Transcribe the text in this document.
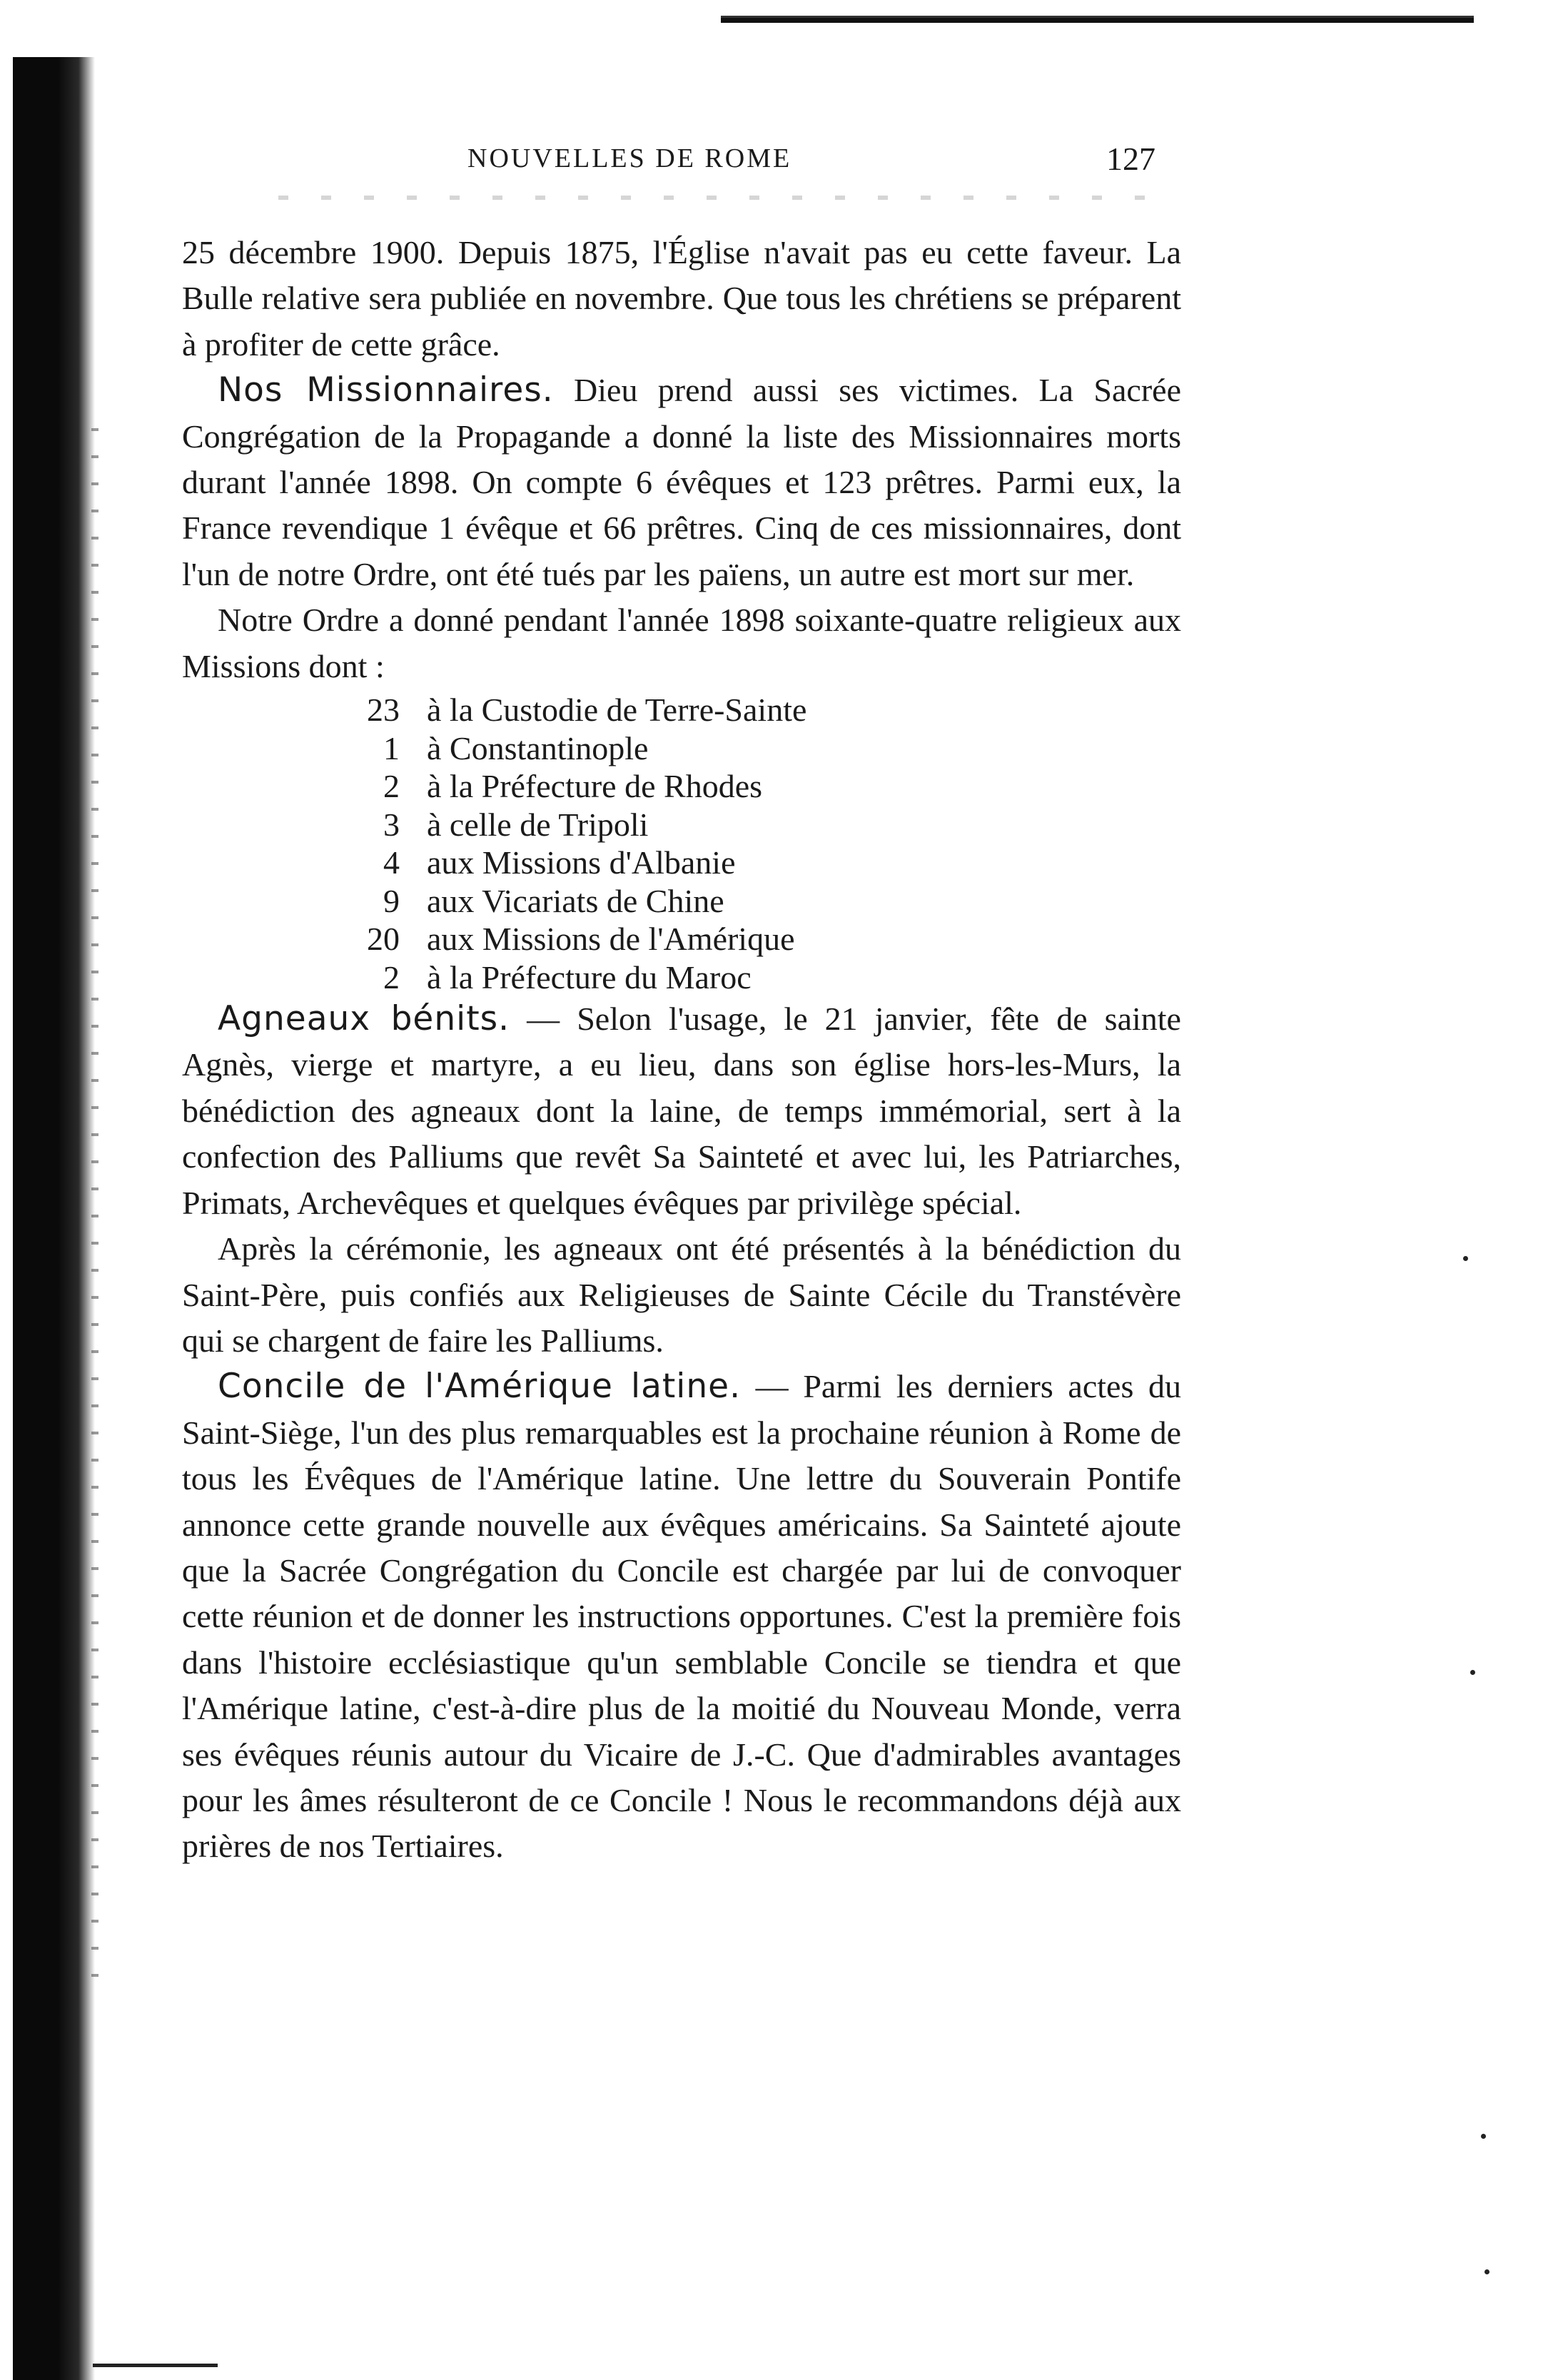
NOUVELLES DE ROME	127

25 décembre 1900. Depuis 1875, l'Église n'avait pas eu cette faveur. La Bulle relative sera publiée en novembre. Que tous les chrétiens se préparent à profiter de cette grâce.

Nos Missionnaires. Dieu prend aussi ses victimes. La Sacrée Congrégation de la Propagande a donné la liste des Missionnaires morts durant l'année 1898. On compte 6 évêques et 123 prêtres. Parmi eux, la France revendique 1 évêque et 66 prêtres. Cinq de ces missionnaires, dont l'un de notre Ordre, ont été tués par les païens, un autre est mort sur mer.

Notre Ordre a donné pendant l'année 1898 soixante-quatre religieux aux Missions dont :

23	à la Custodie de Terre-Sainte
1	à Constantinople
2	à la Préfecture de Rhodes
3	à celle de Tripoli
4	aux Missions d'Albanie
9	aux Vicariats de Chine
20	aux Missions de l'Amérique
2	à la Préfecture du Maroc

Agneaux bénits. — Selon l'usage, le 21 janvier, fête de sainte Agnès, vierge et martyre, a eu lieu, dans son église hors-les-Murs, la bénédiction des agneaux dont la laine, de temps immémorial, sert à la confection des Palliums que revêt Sa Sainteté et avec lui, les Patriarches, Primats, Archevêques et quelques évêques par privilège spécial.

Après la cérémonie, les agneaux ont été présentés à la bénédiction du Saint-Père, puis confiés aux Religieuses de Sainte Cécile du Transtévère qui se chargent de faire les Palliums.

Concile de l'Amérique latine. — Parmi les derniers actes du Saint-Siège, l'un des plus remarquables est la prochaine réunion à Rome de tous les Évêques de l'Amérique latine. Une lettre du Souverain Pontife annonce cette grande nouvelle aux évêques américains. Sa Sainteté ajoute que la Sacrée Congrégation du Concile est chargée par lui de convoquer cette réunion et de donner les instructions opportunes. C'est la première fois dans l'histoire ecclésiastique qu'un semblable Concile se tiendra et que l'Amérique latine, c'est-à-dire plus de la moitié du Nouveau Monde, verra ses évêques réunis autour du Vicaire de J.-C. Que d'admirables avantages pour les âmes résulteront de ce Concile ! Nous le recommandons déjà aux prières de nos Tertiaires.
